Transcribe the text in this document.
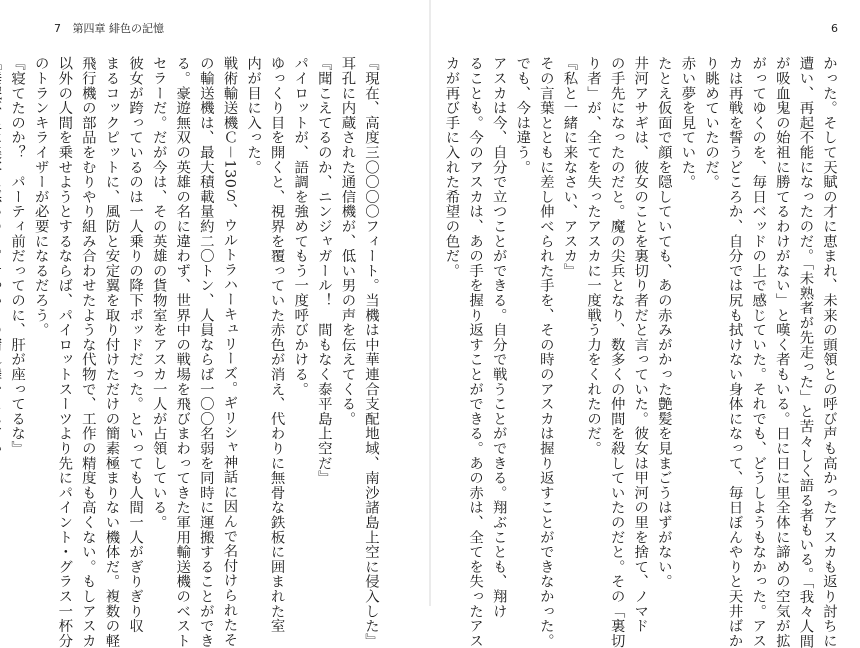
7 第四章 緋色の記憶
『現在、高度三〇〇〇〇フィート。当機は中華連合支配地域、南沙諸島上空に侵入した』
耳孔に内蔵された通信機が、低い男の声を伝えてくる。
『聞こえてるのか、ニンジャガール！　間もなく泰平島上空だ』
パイロットが、語調を強めてもう一度呼びかける。
ゆっくり目を開くと、視界を覆っていた赤色が消え、代わりに無骨な鉄板に囲まれた室
内が目に入った。
戦術輸送機Ｃ－130Ｓ、ウルトラハーキュリーズ。ギリシャ神話に因んで名付けられたそ
の輸送機は、最大積載量約二〇トン、人員ならば一〇〇名弱を同時に運搬することができ
る。豪遊無双の英雄の名に違わず、世界中の戦場を飛びまわってきた軍用輸送機のベスト
セラーだ。だが今は、その英雄の貨物室をアスカ一人が占領している。
彼女が跨っているのは一人乗りの降下ポッドだった。といっても人間一人がぎりぎり収
まるコックピットに、風防と安定翼を取り付けただけの簡素極まりない機体だ。複数の軽
飛行機の部品をむりやり組み合わせたような代物で、工作の精度も高くない。もしアスカ
以外の人間を乗せようとするならば、パイロットスーツより先にパイント・グラス一杯分
のトランキライザーが必要になるだろう。
『寝てたのか？　パーティ前だってのに、肝が座ってるな』
6
かった。そして天賦の才に恵まれ、未来の頭領との呼び声も高かったアスカも返り討ちに
遭い、再起不能になったのだ。「未熟者が先走った」と苦々しく語る者もいる。「我々人間
が吸血鬼の始祖に勝てるわけがない」と嘆く者もいる。日に日に里全体に諦めの空気が拡
がってゆくのを、毎日ベッドの上で感じていた。それでも、どうしようもなかった。アス
カは再戦を誓うどころか、自分では尻も拭けない身体になって、毎日ぼんやりと天井ばか
り眺めていたのだ。
赤い夢を見ていた。
たとえ仮面で顔を隠していても、あの赤みがかった艶髪を見まごうはずがない。
井河アサギは、彼女のことを裏切り者だと言っていた。彼女は甲河の里を捨て、ノマド
の手先になったのだと。魔の尖兵となり、数多くの仲間を殺していたのだと。その「裏切
り者」が、全てを失ったアスカに一度戦う力をくれたのだ。
『私と一緒に来なさい、アスカ』
その言葉とともに差し伸べられた手を、その時のアスカは握り返すことができなかった。
でも、今は違う。
アスカは今、自分で立つことができる。自分で戦うことができる。翔ぶことも、翔け
ることも。今のアスカは、あの手を握り返すことができる。あの赤は、全てを失ったアス
カが再び手に入れた希望の色だ。
